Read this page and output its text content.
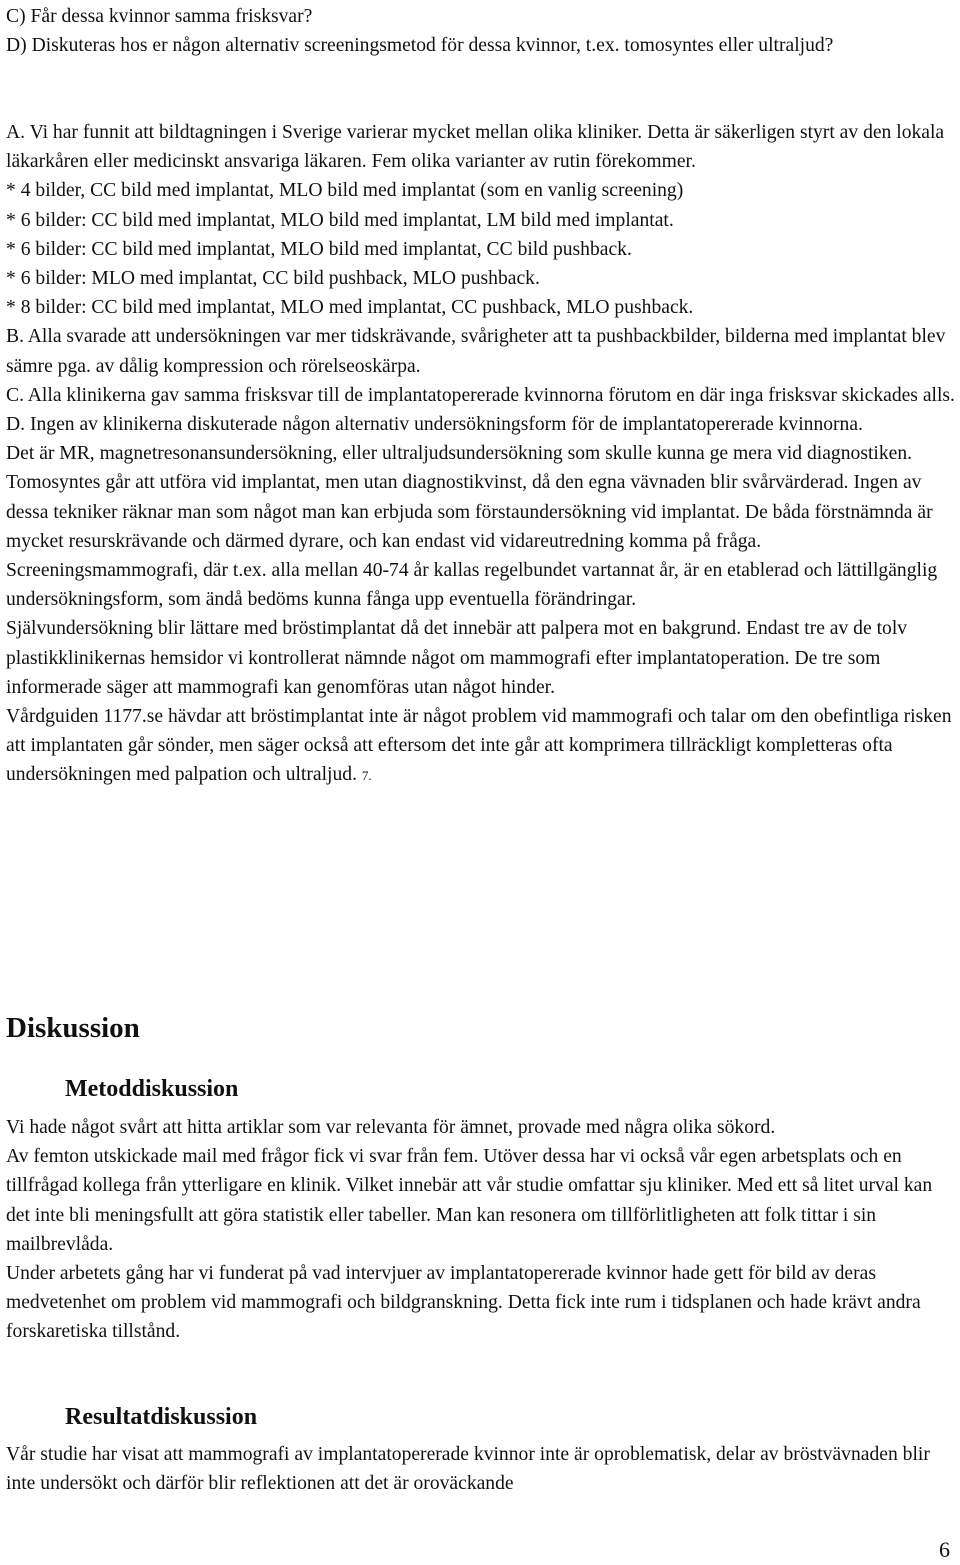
C) Får dessa kvinnor samma frisksvar?

D) Diskuteras hos er någon alternativ screeningsmetod för dessa kvinnor, t.ex. tomosyntes eller ultraljud?

A. Vi har funnit att bildtagningen i Sverige varierar mycket mellan olika kliniker. Detta är säkerligen styrt av den lokala läkarkåren eller medicinskt ansvariga läkaren. Fem olika varianter av rutin förekommer.

* 4 bilder, CC bild med implantat, MLO bild med implantat (som en vanlig screening)

* 6 bilder: CC bild med implantat, MLO bild med implantat, LM bild med implantat.

* 6 bilder: CC bild med implantat, MLO bild med implantat, CC bild pushback.

* 6 bilder: MLO med implantat, CC bild pushback, MLO pushback.

* 8 bilder: CC bild med implantat, MLO med implantat, CC pushback, MLO pushback.

B. Alla svarade att undersökningen var mer tidskrävande, svårigheter att ta pushbackbilder, bilderna med implantat blev sämre pga. av dålig kompression och rörelseoskärpa.

C. Alla klinikerna gav samma frisksvar till de implantatopererade kvinnorna förutom en där inga frisksvar skickades alls.

D. Ingen av klinikerna diskuterade någon alternativ undersökningsform för de implantatopererade kvinnorna.

Det är MR, magnetresonansundersökning, eller ultraljudsundersökning som skulle kunna ge mera vid diagnostiken. Tomosyntes går att utföra vid implantat, men utan diagnostikvinst, då den egna vävnaden blir svårvärderad. Ingen av dessa tekniker räknar man som något man kan erbjuda som förstaundersökning vid implantat. De båda förstnämnda är mycket resurskrävande och därmed dyrare, och kan endast vid vidareutredning komma på fråga. Screeningsmammografi, där t.ex. alla mellan 40-74 år kallas regelbundet vartannat år, är en etablerad och lättillgänglig undersökningsform, som ändå bedöms kunna fånga upp eventuella förändringar.

Självundersökning blir lättare med bröstimplantat då det innebär att palpera mot en bakgrund. Endast tre av de tolv plastikklinikernas hemsidor vi kontrollerat nämnde något om mammografi efter implantatoperation. De tre som informerade säger att mammografi kan genomföras utan något hinder.

Vårdguiden 1177.se hävdar att bröstimplantat inte är något problem vid mammografi och talar om den obefintliga risken att implantaten går sönder, men säger också att eftersom det inte går att komprimera tillräckligt kompletteras ofta undersökningen med palpation och ultraljud. 7.

Diskussion
Metoddiskussion

Vi hade något svårt att hitta artiklar som var relevanta för ämnet, provade med några olika sökord.

Av femton utskickade mail med frågor fick vi svar från fem. Utöver dessa har vi också vår egen arbetsplats och en tillfrågad kollega från ytterligare en klinik. Vilket innebär att vår studie omfattar sju kliniker. Med ett så litet urval kan det inte bli meningsfullt att göra statistik eller tabeller. Man kan resonera om tillförlitligheten att folk tittar i sin mailbrevlåda.

Under arbetets gång har vi funderat på vad intervjuer av implantatopererade kvinnor hade gett för bild av deras medvetenhet om problem vid mammografi och bildgranskning. Detta fick inte rum i tidsplanen och hade krävt andra forskaretiska tillstånd.

Resultatdiskussion

Vår studie har visat att mammografi av implantatopererade kvinnor inte är oproblematisk, delar av bröstvävnaden blir inte undersökt och därför blir reflektionen att det är oroväckande

6
